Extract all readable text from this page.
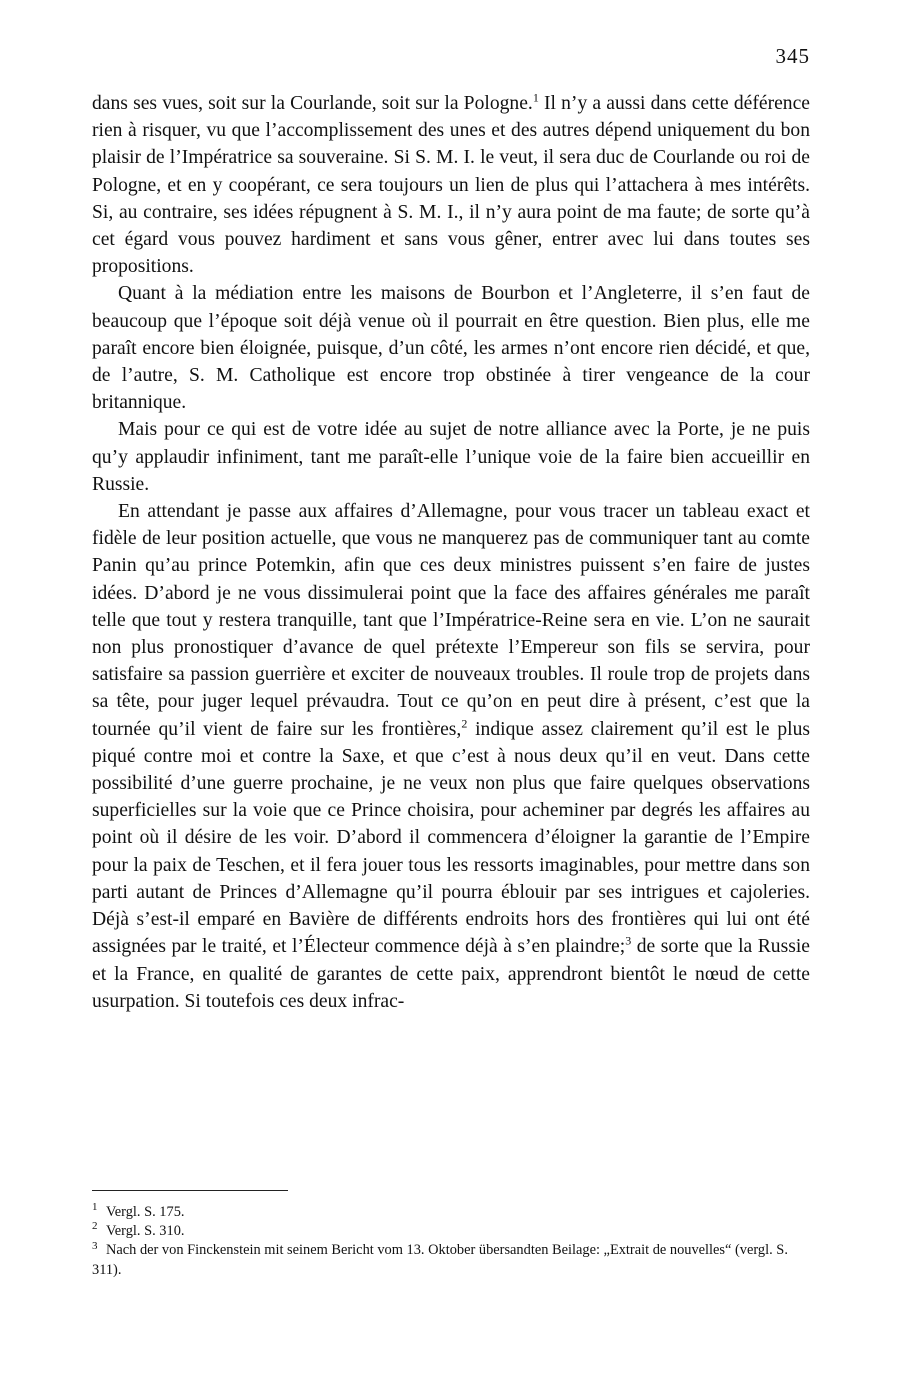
345

dans ses vues, soit sur la Courlande, soit sur la Pologne.$^1$ Il n’y a aussi dans cette déférence rien à risquer, vu que l’accomplissement des unes et des autres dépend uniquement du bon plaisir de l’Impératrice sa souveraine. Si S. M. I. le veut, il sera duc de Courlande ou roi de Pologne, et en y coopérant, ce sera toujours un lien de plus qui l’attachera à mes intérêts. Si, au contraire, ses idées répugnent à S. M. I., il n’y aura point de ma faute; de sorte qu’à cet égard vous pouvez hardiment et sans vous gêner, entrer avec lui dans toutes ses propositions.

Quant à la médiation entre les maisons de Bourbon et l’Angleterre, il s’en faut de beaucoup que l’époque soit déjà venue où il pourrait en être question. Bien plus, elle me paraît encore bien éloignée, puisque, d’un côté, les armes n’ont encore rien décidé, et que, de l’autre, S. M. Catholique est encore trop obstinée à tirer vengeance de la cour britannique.

Mais pour ce qui est de votre idée au sujet de notre alliance avec la Porte, je ne puis qu’y applaudir infiniment, tant me paraît-elle l’unique voie de la faire bien accueillir en Russie.

En attendant je passe aux affaires d’Allemagne, pour vous tracer un tableau exact et fidèle de leur position actuelle, que vous ne manquerez pas de communiquer tant au comte Panin qu’au prince Potemkin, afin que ces deux ministres puissent s’en faire de justes idées. D’abord je ne vous dissimulerai point que la face des affaires générales me paraît telle que tout y restera tranquille, tant que l’Impératrice-Reine sera en vie. L’on ne saurait non plus pronostiquer d’avance de quel prétexte l’Empereur son fils se servira, pour satisfaire sa passion guerrière et exciter de nouveaux troubles. Il roule trop de projets dans sa tête, pour juger lequel prévaudra. Tout ce qu’on en peut dire à présent, c’est que la tournée qu’il vient de faire sur les frontières,$^2$ indique assez clairement qu’il est le plus piqué contre moi et contre la Saxe, et que c’est à nous deux qu’il en veut. Dans cette possibilité d’une guerre prochaine, je ne veux non plus que faire quelques observations superficielles sur la voie que ce Prince choisira, pour acheminer par degrés les affaires au point où il désire de les voir. D’abord il commencera d’éloigner la garantie de l’Empire pour la paix de Teschen, et il fera jouer tous les ressorts imaginables, pour mettre dans son parti autant de Princes d’Allemagne qu’il pourra éblouir par ses intrigues et cajoleries. Déjà s’est-il emparé en Bavière de différents endroits hors des frontières qui lui ont été assignées par le traité, et l’Électeur commence déjà à s’en plaindre;$^3$ de sorte que la Russie et la France, en qualité de garantes de cette paix, apprendront bientôt le nœud de cette usurpation. Si toutefois ces deux infrac-

1 Vergl. S. 175.

2 Vergl. S. 310.

3 Nach der von Finckenstein mit seinem Bericht vom 13. Oktober übersandten Beilage: „Extrait de nouvelles“ (vergl. S. 311).
